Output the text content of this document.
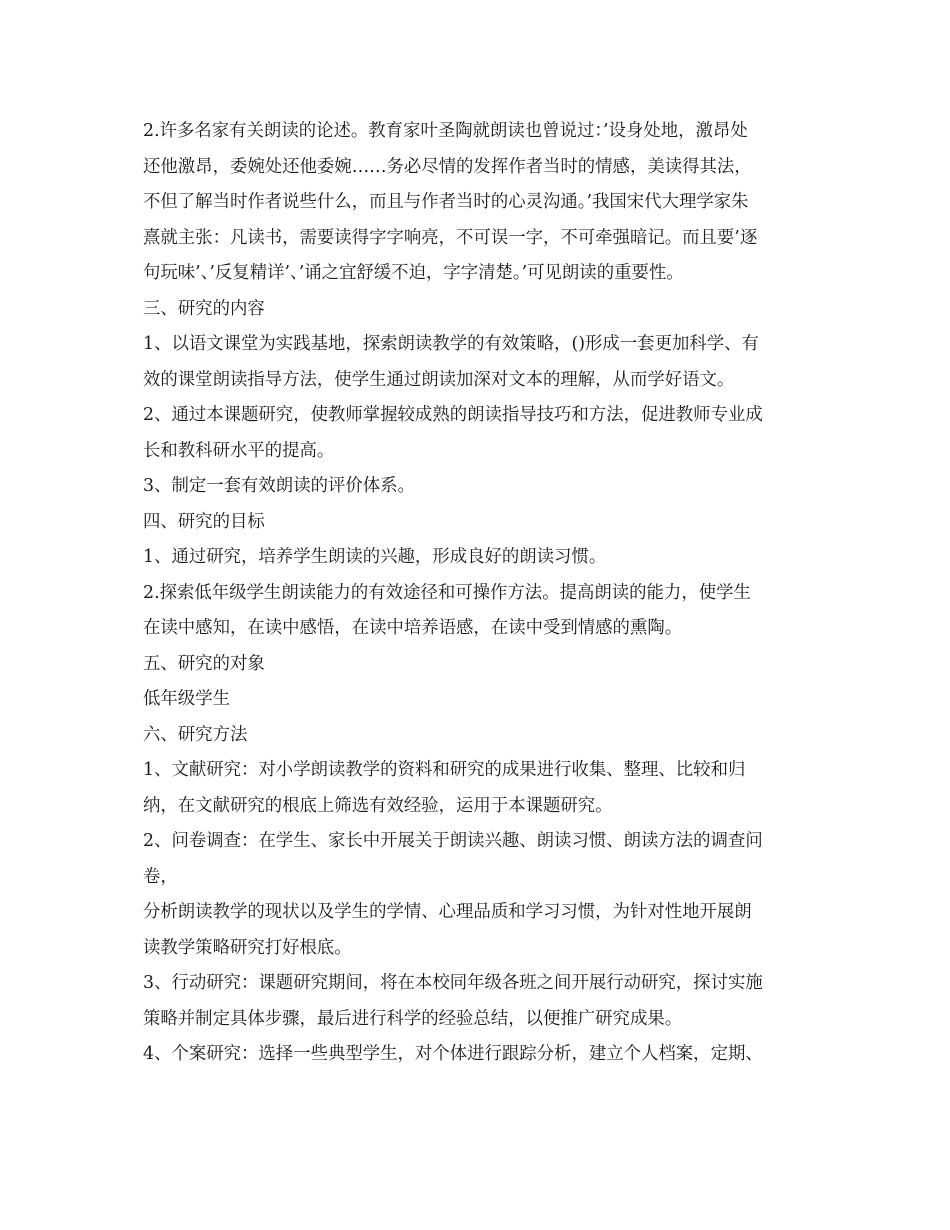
2.许多名家有关朗读的论述。教育家叶圣陶就朗读也曾说过：’设身处地，激昂处
还他激昂，委婉处还他委婉……务必尽情的发挥作者当时的情感，美读得其法，
不但了解当时作者说些什么，而且与作者当时的心灵沟通。’我国宋代大理学家朱
熹就主张：凡读书，需要读得字字响亮，不可误一字，不可牵强暗记。而且要’逐
句玩味’、’反复精详’、’诵之宜舒缓不迫，字字清楚。’可见朗读的重要性。
三、研究的内容
1、以语文课堂为实践基地，探索朗读教学的有效策略，()形成一套更加科学、有
效的课堂朗读指导方法，使学生通过朗读加深对文本的理解，从而学好语文。
2、通过本课题研究，使教师掌握较成熟的朗读指导技巧和方法，促进教师专业成
长和教科研水平的提高。
3、制定一套有效朗读的评价体系。
四、研究的目标
1、通过研究，培养学生朗读的兴趣，形成良好的朗读习惯。
2.探索低年级学生朗读能力的有效途径和可操作方法。提高朗读的能力，使学生
在读中感知，在读中感悟，在读中培养语感，在读中受到情感的熏陶。
五、研究的对象
低年级学生
六、研究方法
1、文献研究：对小学朗读教学的资料和研究的成果进行收集、整理、比较和归
纳，在文献研究的根底上筛选有效经验，运用于本课题研究。
2、问卷调查：在学生、家长中开展关于朗读兴趣、朗读习惯、朗读方法的调查问
卷，
分析朗读教学的现状以及学生的学情、心理品质和学习习惯，为针对性地开展朗
读教学策略研究打好根底。
3、行动研究：课题研究期间，将在本校同年级各班之间开展行动研究，探讨实施
策略并制定具体步骤，最后进行科学的经验总结，以便推广研究成果。
4、个案研究：选择一些典型学生，对个体进行跟踪分析，建立个人档案，定期、
